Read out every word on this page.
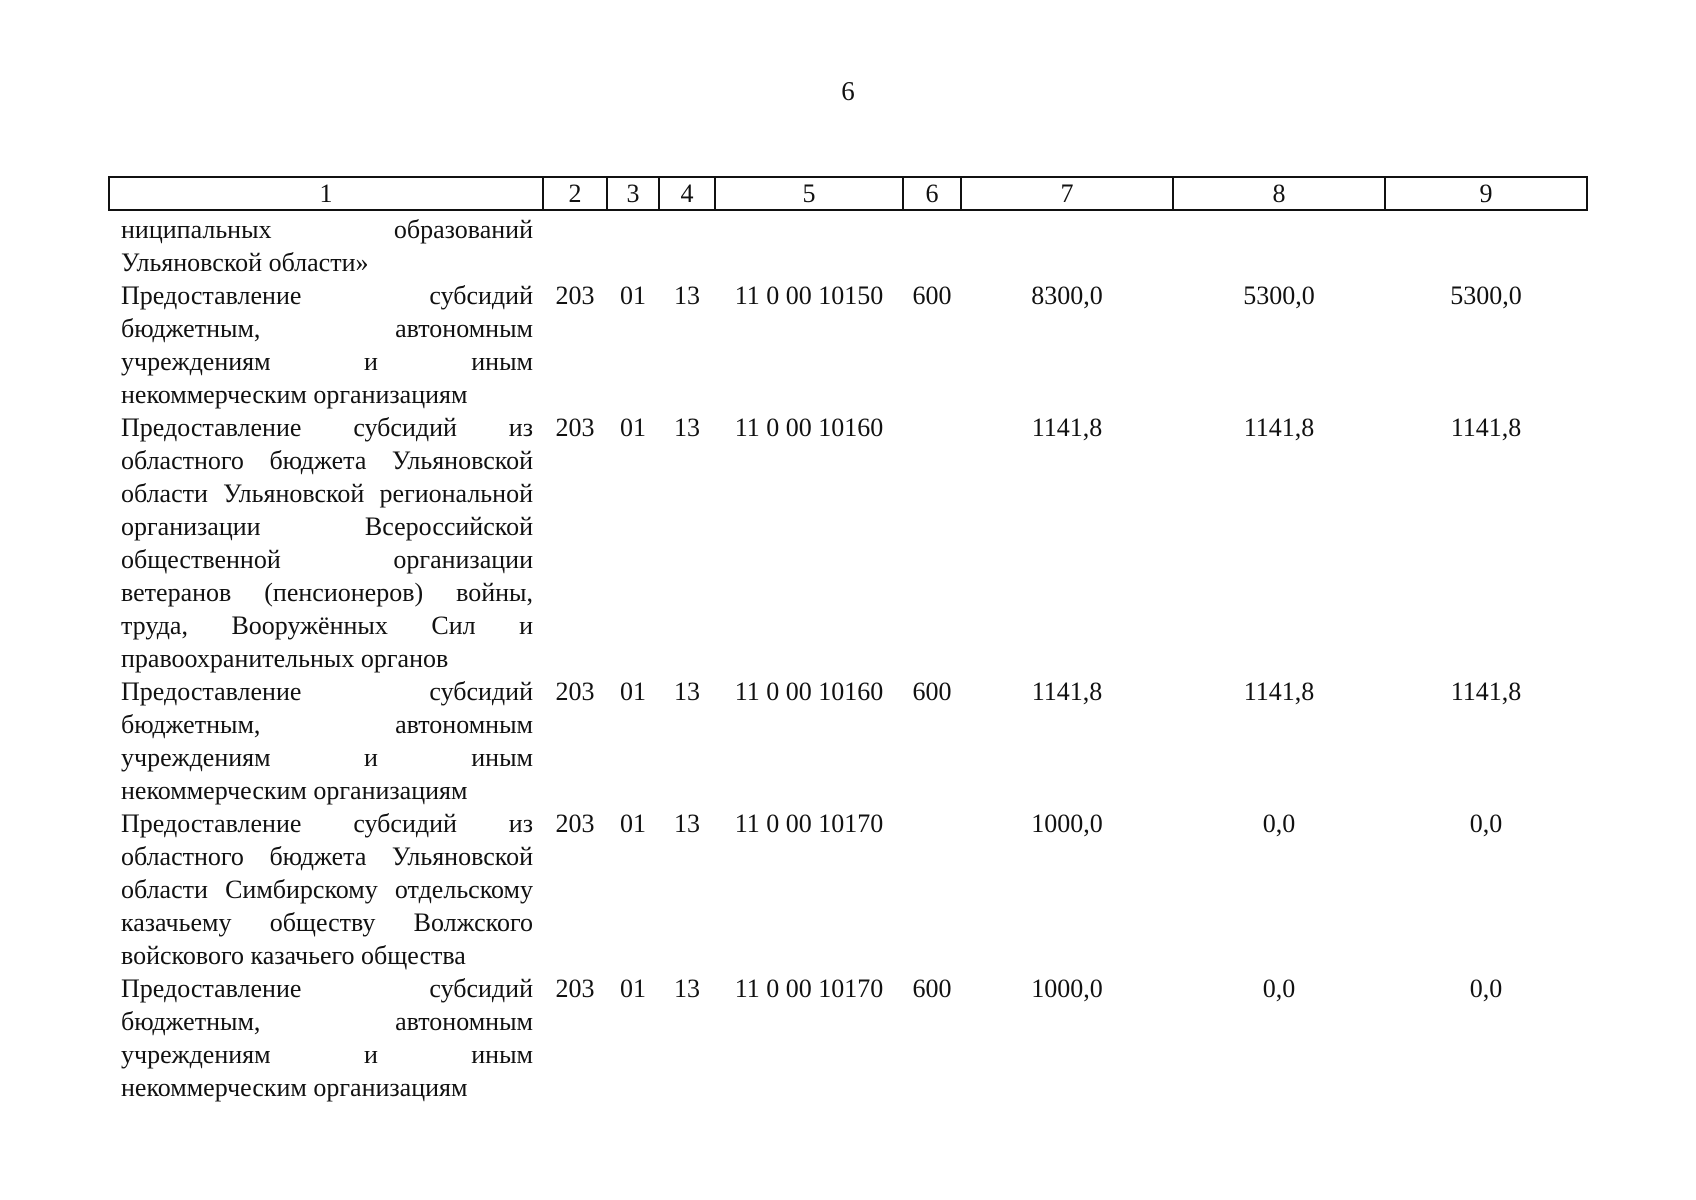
6
1	2	3	4	5	6	7	8	9
ниципальных образований Ульяновской области»								
Предоставление субсидий бюджетным, автономным учреждениям и иным некоммерческим организациям	203	01	13	11 0 00 10150	600	8300,0	5300,0	5300,0
Предоставление субсидий из областного бюджета Ульяновской области Ульяновской региональной организации Всероссийской общественной организации ветеранов (пенсионеров) войны, труда, Вооружённых Сил и правоохранительных органов	203	01	13	11 0 00 10160		1141,8	1141,8	1141,8
Предоставление субсидий бюджетным, автономным учреждениям и иным некоммерческим организациям	203	01	13	11 0 00 10160	600	1141,8	1141,8	1141,8
Предоставление субсидий из областного бюджета Ульяновской области Симбирскому отдельскому казачьему обществу Волжского войскового казачьего общества	203	01	13	11 0 00 10170		1000,0	0,0	0,0
Предоставление субсидий бюджетным, автономным учреждениям и иным некоммерческим организациям	203	01	13	11 0 00 10170	600	1000,0	0,0	0,0
